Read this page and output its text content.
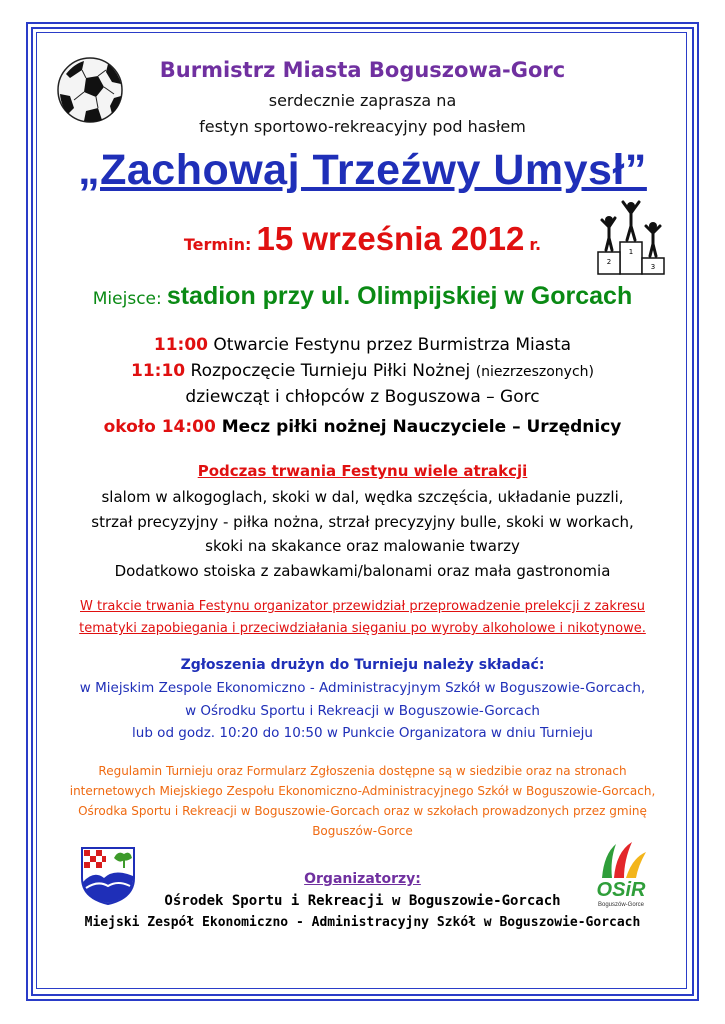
Burmistrz Miasta Boguszowa-Gorc
serdecznie zaprasza na
festyn sportowo-rekreacyjny pod hasłem
„Zachowaj Trzeźwy Umysł”
Termin: 15 września 2012 r.	1
2
3
Miejsce: stadion przy ul. Olimpijskiej w Gorcach
11:00 Otwarcie Festynu przez Burmistrza Miasta
11:10 Rozpoczęcie Turnieju Piłki Nożnej (niezrzeszonych)
dziewcząt i chłopców z Boguszowa – Gorc
około 14:00 Mecz piłki nożnej Nauczyciele – Urzędnicy
Podczas trwania Festynu wiele atrakcji
slalom w alkogoglach, skoki w dal, wędka szczęścia, układanie puzzli,
strzał precyzyjny - piłka nożna, strzał precyzyjny bulle, skoki w workach,
skoki na skakance oraz malowanie twarzy
Dodatkowo stoiska z zabawkami/balonami oraz mała gastronomia
W trakcie trwania Festynu organizator przewidział przeprowadzenie prelekcji z zakresu
tematyki zapobiegania i przeciwdziałania sięganiu po wyroby alkoholowe i nikotynowe.
Zgłoszenia drużyn do Turnieju należy składać:
w Miejskim Zespole Ekonomiczno - Administracyjnym Szkół w Boguszowie-Gorcach,
w Ośrodku Sportu i Rekreacji w Boguszowie-Gorcach
lub od godz. 10:20 do 10:50 w Punkcie Organizatora w dniu Turnieju
Regulamin Turnieju oraz Formularz Zgłoszenia dostępne są w siedzibie oraz na stronach
internetowych Miejskiego Zespołu Ekonomiczno-Administracyjnego Szkół w Boguszowie-Gorcach,
Ośrodka Sportu i Rekreacji w Boguszowie-Gorcach oraz w szkołach prowadzonych przez gminę
Boguszów-Gorce
OSiR
Boguszów-Gorce
Organizatorzy:
Ośrodek Sportu i Rekreacji w Boguszowie-Gorcach
Miejski Zespół Ekonomiczno - Administracyjny Szkół w Boguszowie-Gorcach
